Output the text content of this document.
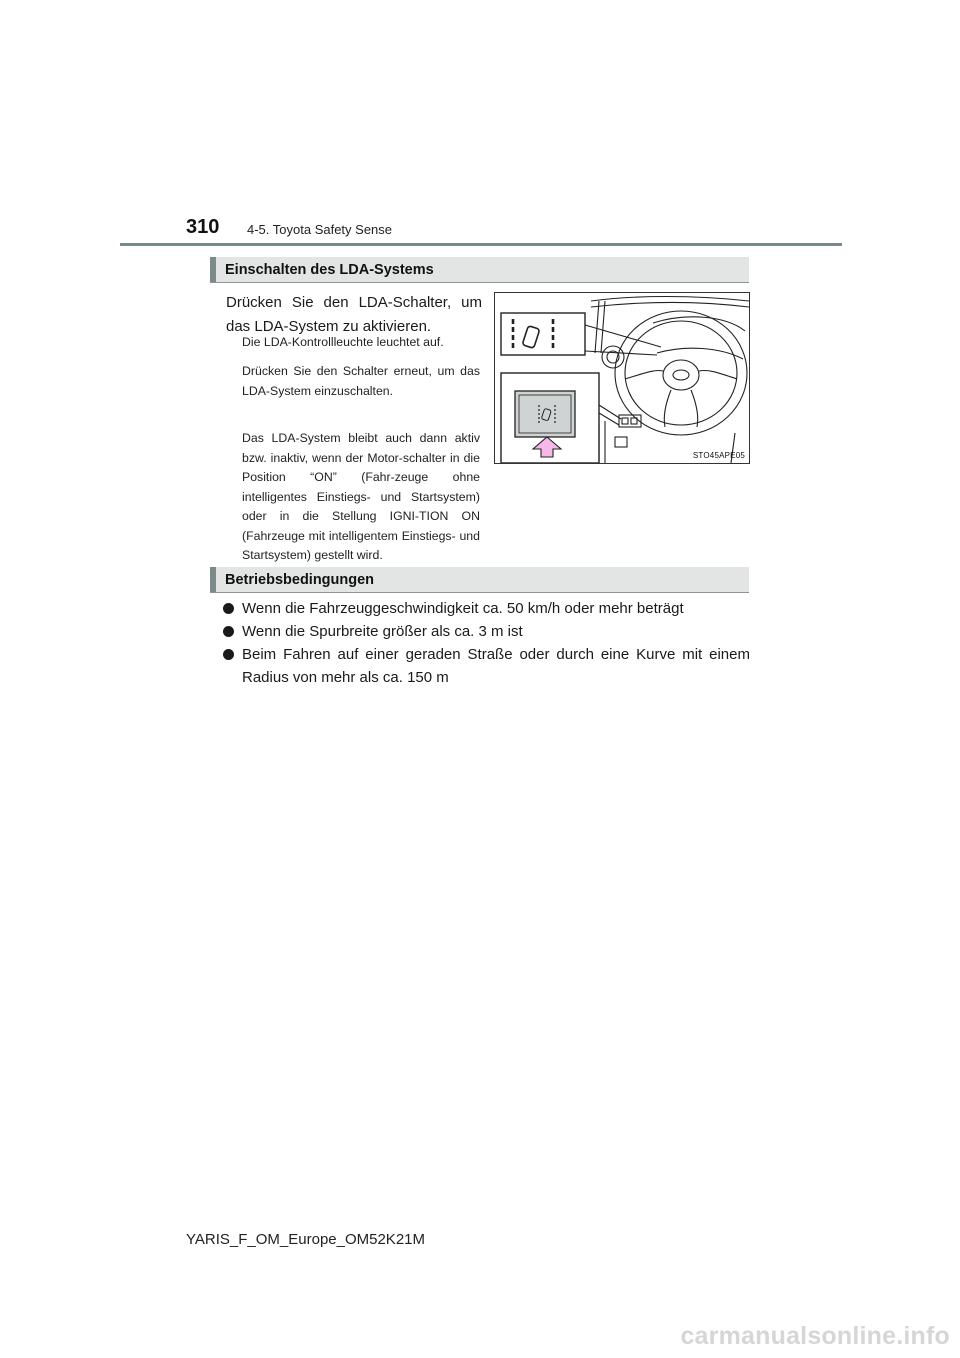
310 4-5. Toyota Safety Sense
Einschalten des LDA-Systems

Drücken Sie den LDA-Schalter, um das LDA-System zu aktivieren.

Die LDA-Kontrollleuchte leuchtet auf.

Drücken Sie den Schalter erneut, um das LDA-System einzuschalten.

Das LDA-System bleibt auch dann aktiv bzw. inaktiv, wenn der Motor-schalter in die Position “ON” (Fahr-zeuge ohne intelligentes Einstiegs- und Startsystem) oder in die Stellung IGNI-TION ON (Fahrzeuge mit intelligentem Einstiegs- und Startsystem) gestellt wird.

STO45APE05
Betriebsbedingungen
Wenn die Fahrzeuggeschwindigkeit ca. 50 km/h oder mehr beträgt
Wenn die Spurbreite größer als ca. 3 m ist
Beim Fahren auf einer geraden Straße oder durch eine Kurve mit einem Radius von mehr als ca. 150 m
YARIS_F_OM_Europe_OM52K21M
carmanualsonline.info
